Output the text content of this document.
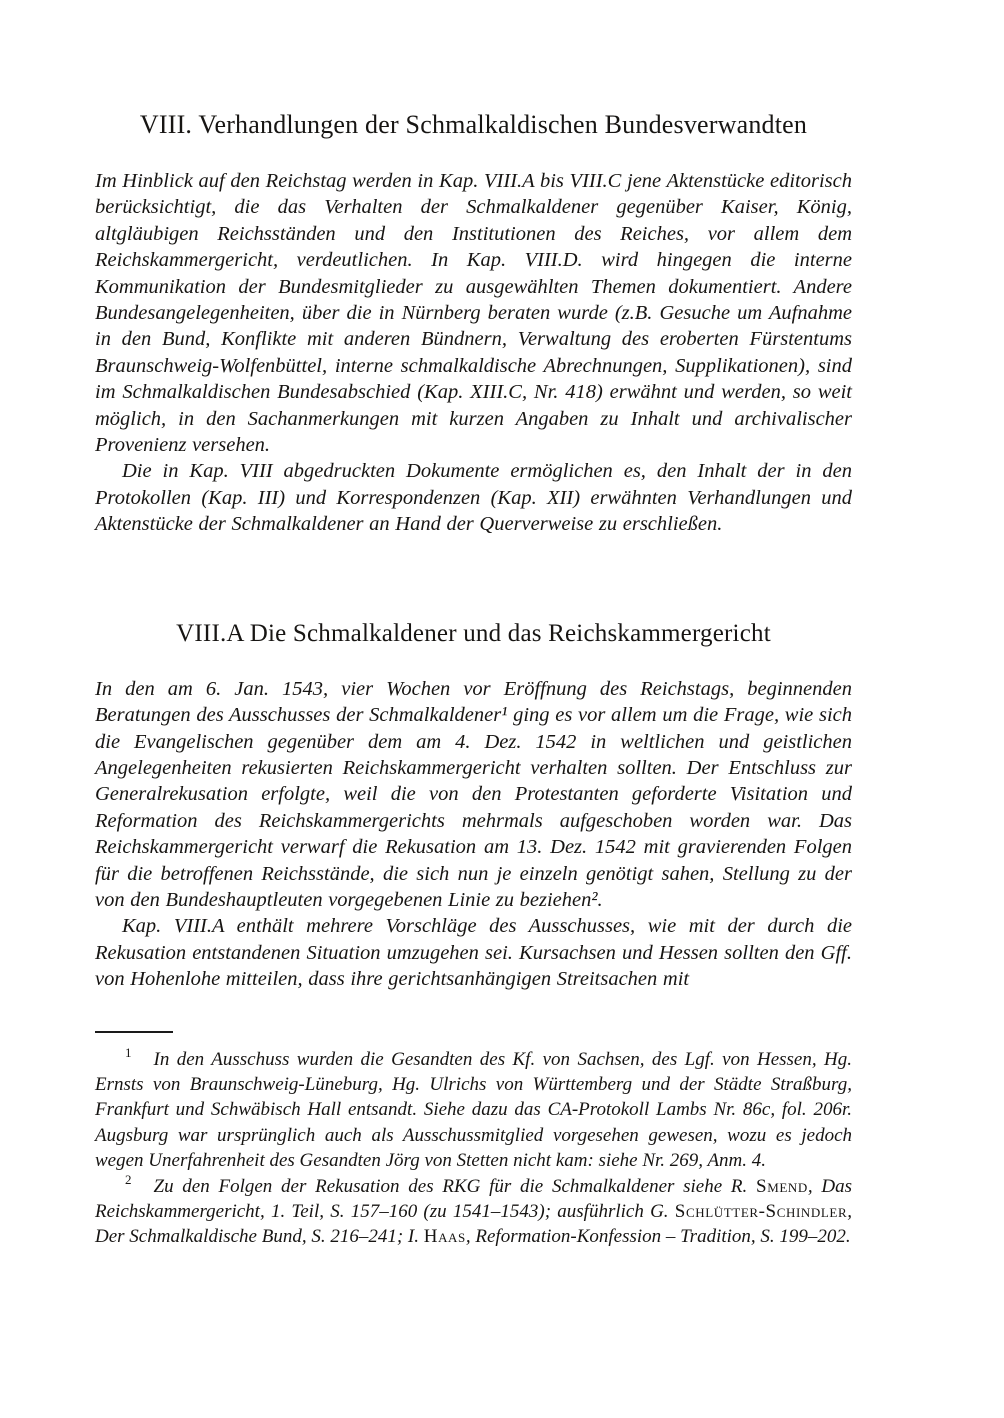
VIII. Verhandlungen der Schmalkaldischen Bundesverwandten

Im Hinblick auf den Reichstag werden in Kap. VIII.A bis VIII.C jene Aktenstücke editorisch berücksichtigt, die das Verhalten der Schmalkaldener gegenüber Kaiser, König, altgläubigen Reichsständen und den Institutionen des Reiches, vor allem dem Reichskammergericht, verdeutlichen. In Kap. VIII.D. wird hingegen die interne Kommunikation der Bundesmitglieder zu ausgewählten Themen dokumentiert. Andere Bundesangelegenheiten, über die in Nürnberg beraten wurde (z.B. Gesuche um Aufnahme in den Bund, Konflikte mit anderen Bündnern, Verwaltung des eroberten Fürstentums Braunschweig-Wolfenbüttel, interne schmalkaldische Abrechnungen, Supplikationen), sind im Schmalkaldischen Bundesabschied (Kap. XIII.C, Nr. 418) erwähnt und werden, so weit möglich, in den Sachanmerkungen mit kurzen Angaben zu Inhalt und archivalischer Provenienz versehen.

Die in Kap. VIII abgedruckten Dokumente ermöglichen es, den Inhalt der in den Protokollen (Kap. III) und Korrespondenzen (Kap. XII) erwähnten Verhandlungen und Aktenstücke der Schmalkaldener an Hand der Querverweise zu erschließen.

VIII.A Die Schmalkaldener und das Reichskammergericht

In den am 6. Jan. 1543, vier Wochen vor Eröffnung des Reichstags, beginnenden Beratungen des Ausschusses der Schmalkaldener¹ ging es vor allem um die Frage, wie sich die Evangelischen gegenüber dem am 4. Dez. 1542 in weltlichen und geistlichen Angelegenheiten rekusierten Reichskammergericht verhalten sollten. Der Entschluss zur Generalrekusation erfolgte, weil die von den Protestanten geforderte Visitation und Reformation des Reichskammergerichts mehrmals aufgeschoben worden war. Das Reichskammergericht verwarf die Rekusation am 13. Dez. 1542 mit gravierenden Folgen für die betroffenen Reichsstände, die sich nun je einzeln genötigt sahen, Stellung zu der von den Bundeshauptleuten vorgegebenen Linie zu beziehen².

Kap. VIII.A enthält mehrere Vorschläge des Ausschusses, wie mit der durch die Rekusation entstandenen Situation umzugehen sei. Kursachsen und Hessen sollten den Gff. von Hohenlohe mitteilen, dass ihre gerichtsanhängigen Streitsachen mit

$^1$ In den Ausschuss wurden die Gesandten des Kf. von Sachsen, des Lgf. von Hessen, Hg. Ernsts von Braunschweig-Lüneburg, Hg. Ulrichs von Württemberg und der Städte Straßburg, Frankfurt und Schwäbisch Hall entsandt. Siehe dazu das CA-Protokoll Lambs Nr. 86c, fol. 206r. Augsburg war ursprünglich auch als Ausschussmitglied vorgesehen gewesen, wozu es jedoch wegen Unerfahrenheit des Gesandten Jörg von Stetten nicht kam: siehe Nr. 269, Anm. 4.

$^2$ Zu den Folgen der Rekusation des RKG für die Schmalkaldener siehe R. Smend, Das Reichskammergericht, 1. Teil, S. 157–160 (zu 1541–1543); ausführlich G. Schlütter-Schindler, Der Schmalkaldische Bund, S. 216–241; I. Haas, Reformation-Konfession – Tradition, S. 199–202.
